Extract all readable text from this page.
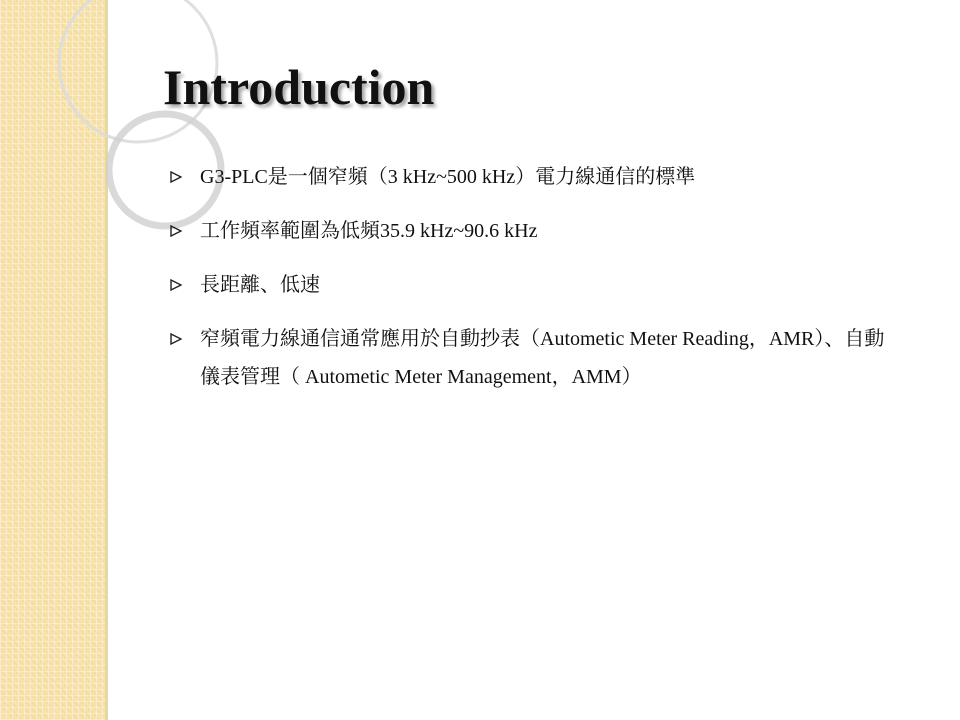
Introduction
G3-PLC是一個窄頻（3 kHz~500 kHz）電力線通信的標準
工作頻率範圍為低頻35.9 kHz~90.6 kHz
長距離、低速
窄頻電力線通信通常應用於自動抄表（Autometic Meter Reading，AMR）、自動儀表管理（ Autometic Meter Management，AMM）
